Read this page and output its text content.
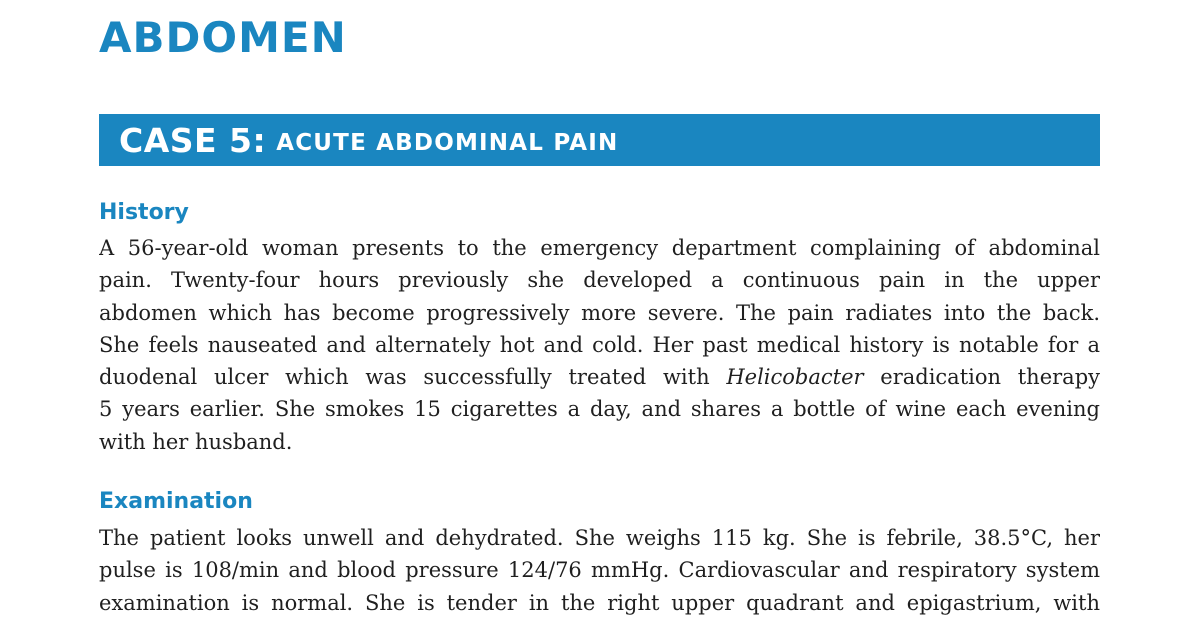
ABDOMEN
CASE 5: ACUTE ABDOMINAL PAIN
History
A 56-year-old woman presents to the emergency department complaining of abdominal
pain. Twenty-four hours previously she developed a continuous pain in the upper
abdomen which has become progressively more severe. The pain radiates into the back.
She feels nauseated and alternately hot and cold. Her past medical history is notable for a
duodenal ulcer which was successfully treated with Helicobacter eradication therapy
5 years earlier. She smokes 15 cigarettes a day, and shares a bottle of wine each evening
with her husband.
Examination
The patient looks unwell and dehydrated. She weighs 115 kg. She is febrile, 38.5°C, her
pulse is 108/min and blood pressure 124/76 mmHg. Cardiovascular and respiratory system
examination is normal. She is tender in the right upper quadrant and epigastrium, with
